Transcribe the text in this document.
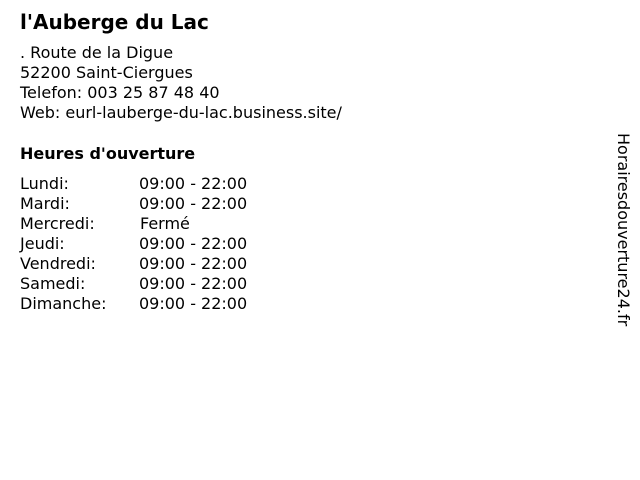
l'Auberge du Lac
. Route de la Digue
52200 Saint-Ciergues
Telefon: 003 25 87 48 40
Web: eurl-lauberge-du-lac.business.site/
Heures d'ouverture
Lundi:	09:00 - 22:00
Mardi:	09:00 - 22:00
Mercredi:	Fermé
Jeudi:	09:00 - 22:00
Vendredi:	09:00 - 22:00
Samedi:	09:00 - 22:00
Dimanche: 09:00 - 22:00	Horairesdouverture24.fr
